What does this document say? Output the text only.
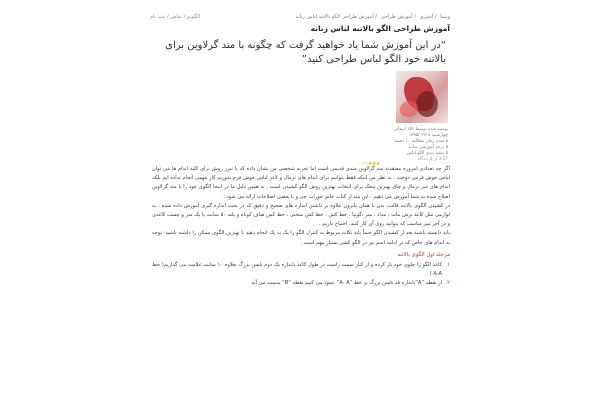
وبنما / آشپزی / آموزش طراحی / آموزش طراحی الگو بالاتنه لباس زنانه
الگوتم / تماس / ثبت نام
آموزش طراحی الگو بالاتنه لباس زنانه
“در این آموزش شما یاد خواهید گرفت که چگونه با متد گرلاوین برای بالاتنه خود الگو لباس طراحی کنید”
نوشته شده توسط ۱۵۱ ابیمانی
چهارشنبه ۱۳۹۵/۰۲/۱۸
۵ مدت زمان مطالعه ۱۰ دقیقه
۵ درجه آموزشی ساده
۵ دسته بندی الگو لباس
3.27 از ۵ دیدگاه
★★★☆☆

اگر چه تعدادی امروزه معتقدند متد گرلاوین متدی قدیمی است اما تجربه شخصی من نشان داده که با تبرز روش برای کلیه اندام ها می توان لباس خوش فرمی دوخت . به نظر من اینکه فقط بتوانیم برای اندام های نرمال و لاغر لباس خوش فرم بدوزیم کار مهمی انجام نداده ایم بلکه اندام های غیر نرمال و چاق بهترین محک برای انتخاب بهترین روش الگو کشیدن است . به همین دلیل ما در اینجا الگوی خود را با متد گرلاوین اصلاح شده به شما آموزش می دهیم . این متد از کتاب خانم جوراب چی و با بعضی اصلاحات ارائه می شود .

در کشیدن الگوی بالاتنه قالب، بدن یا همان پاترون علاوه بر داشتن اندازه های صحیح و دقیق که در بحث اندازه گیری آموزش داده شده ، به لوازمی مثل کاغذ برش مات ، مداد ، متر ،گونیا ، خط کش ، خط کش منحنی ، خط کش صاف کوتاه و بلند ۵۰ سانت یا یک متر و چسب کاغذی و در آخر میز مناسب که بتوانید روی آن کار کنید، احتیاج داریم .

باید دانسته باشید بعد از کشیدن الگو حتماً باید تکات مربوط به کنترل الگو را یک به یک انجام دهید تا بهترین الگوی ممکن را داشته باشید. توجه به اندام های خاص که در ادامه اسم نیز در الگو کشی بسیار مهم است .

مرحله اول الگوی بالاتنه
۱.
کاغذ الگو را جلوی خود باز کرده و از کنار سمت راست در طول کاغذ باندازه یک دوم باسن بزرگ بعلاوه ۱۰ سانت علامت می گذاریم( خط A-A ) .
۲.
از نقطه “A”باندازه قد باسن بزرگ بر خط “A- A” عمود می کنیم نقطه “B” بدست می آید
